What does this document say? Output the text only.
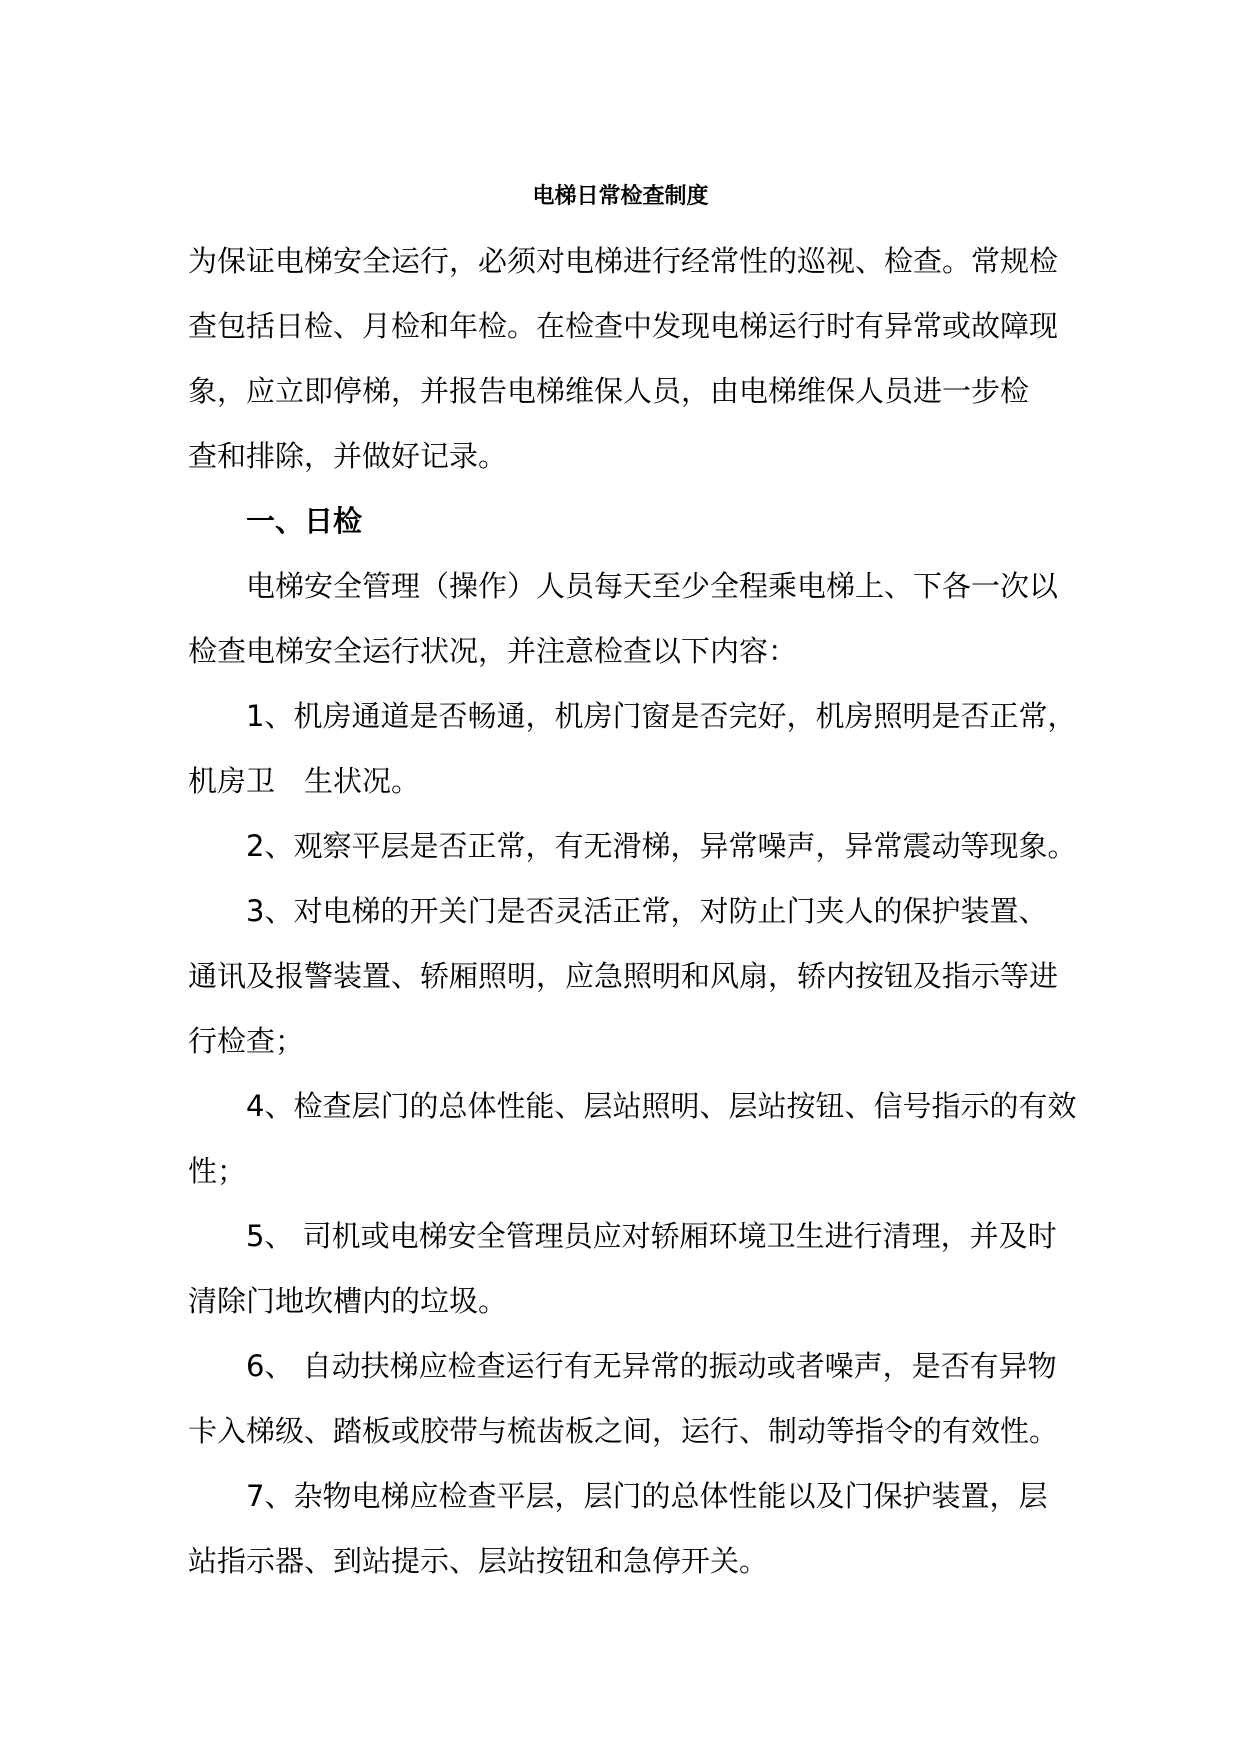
电梯日常检查制度
为保证电梯安全运行，必须对电梯进行经常性的巡视、检查。常规检
查包括日检、月检和年检。在检查中发现电梯运行时有异常或故障现
象，应立即停梯，并报告电梯维保人员，由电梯维保人员进一步检
查和排除，并做好记录。
一、日检
电梯安全管理（操作）人员每天至少全程乘电梯上、下各一次以
检查电梯安全运行状况，并注意检查以下内容：
1、机房通道是否畅通，机房门窗是否完好，机房照明是否正常，
机房卫　生状况。
2、观察平层是否正常，有无滑梯，异常噪声，异常震动等现象。
3、对电梯的开关门是否灵活正常，对防止门夹人的保护装置、
通讯及报警装置、轿厢照明，应急照明和风扇，轿内按钮及指示等进
行检查；
4、检查层门的总体性能、层站照明、层站按钮、信号指示的有效
性；
5、 司机或电梯安全管理员应对轿厢环境卫生进行清理，并及时
清除门地坎槽内的垃圾。
6、 自动扶梯应检查运行有无异常的振动或者噪声，是否有异物
卡入梯级、踏板或胶带与梳齿板之间，运行、制动等指令的有效性。
7、杂物电梯应检查平层，层门的总体性能以及门保护装置，层
站指示器、到站提示、层站按钮和急停开关。
